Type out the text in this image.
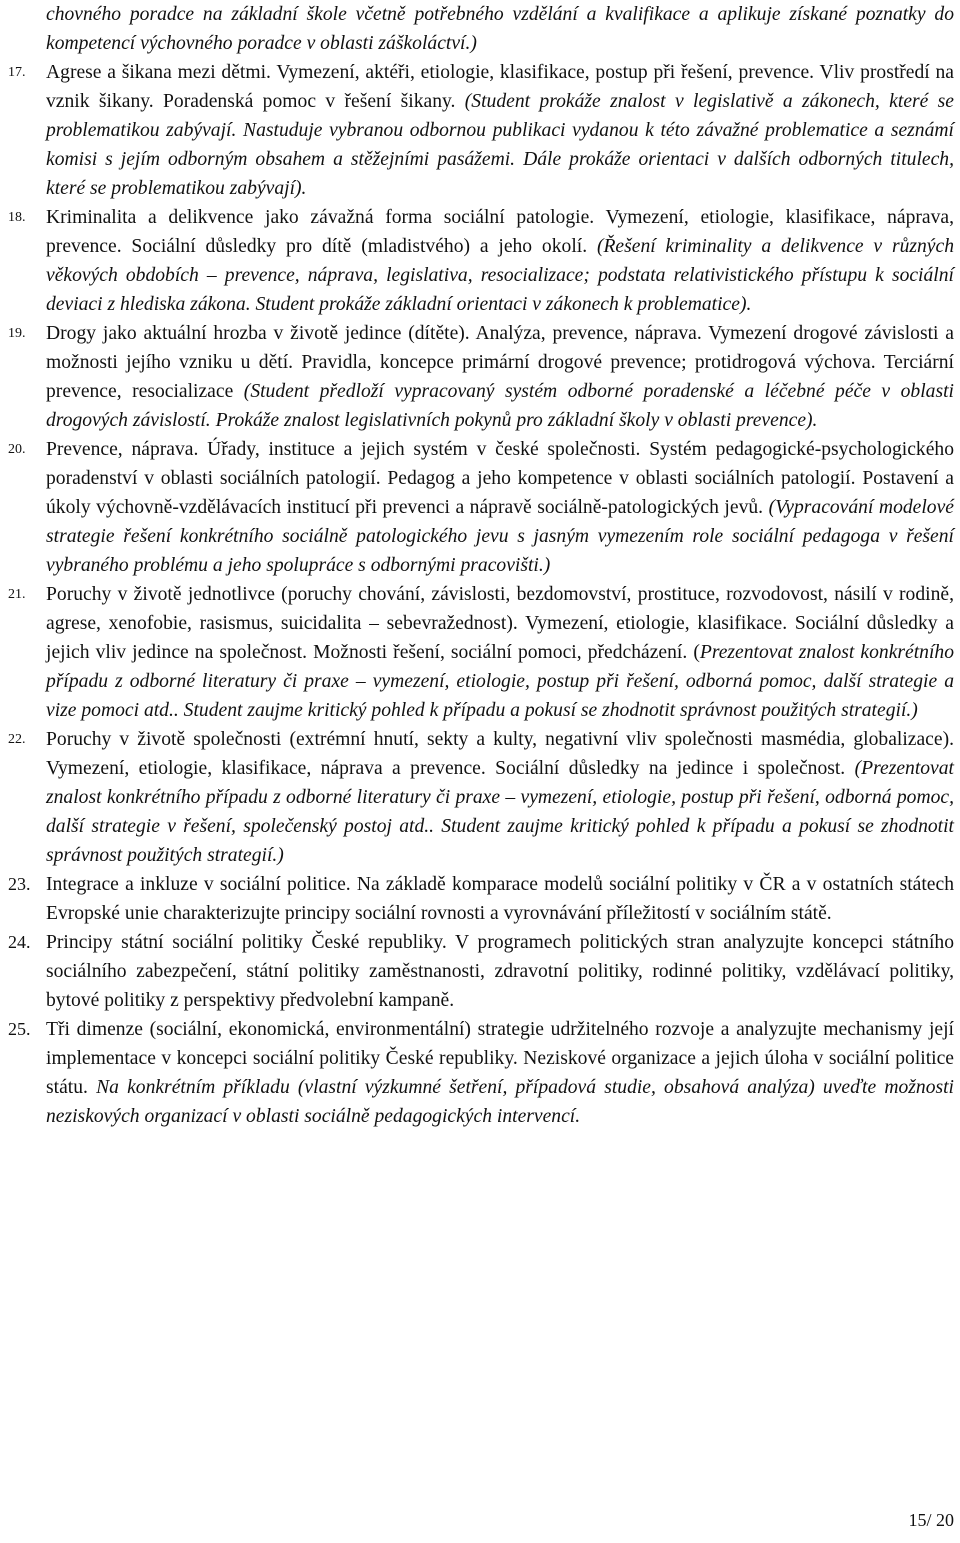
chovného poradce na základní škole včetně potřebného vzdělání a kvalifikace a aplikuje získané poznatky do kompetencí výchovného poradce v oblasti záškoláctví.)
17.	Agrese a šikana mezi dětmi. Vymezení, aktéři, etiologie, klasifikace, postup při řešení, prevence. Vliv prostředí na vznik šikany. Poradenská pomoc v řešení šikany. (Student prokáže znalost v legislativě a zákonech, které se problematikou zabývají. Nastuduje vybranou odbornou publikaci vydanou k této závažné problematice a seznámí komisi s jejím odborným obsahem a stěžejními pasážemi. Dále prokáže orientaci v dalších odborných titulech, které se problematikou zabývají).
18.	Kriminalita a delikvence jako závažná forma sociální patologie. Vymezení, etiologie, klasifikace, náprava, prevence. Sociální důsledky pro dítě (mladistvého) a jeho okolí. (Řešení kriminality a delikvence v různých věkových obdobích – prevence, náprava, legislativa, resocializace; podstata relativistického přístupu k sociální deviaci z hlediska zákona. Student prokáže základní orientaci v zákonech k problematice).
19.	Drogy jako aktuální hrozba v životě jedince (dítěte). Analýza, prevence, náprava. Vymezení drogové závislosti a možnosti jejího vzniku u dětí. Pravidla, koncepce primární drogové prevence; protidrogová výchova. Terciární prevence, resocializace (Student předloží vypracovaný systém odborné poradenské a léčebné péče v oblasti drogových závislostí. Prokáže znalost legislativních pokynů pro základní školy v oblasti prevence).
20.	Prevence, náprava. Úřady, instituce a jejich systém v české společnosti. Systém pedagogické-psychologického poradenství v oblasti sociálních patologií. Pedagog a jeho kompetence v oblasti sociálních patologií. Postavení a úkoly výchovně-vzdělávacích institucí při prevenci a nápravě sociálně-patologických jevů. (Vypracování modelové strategie řešení konkrétního sociálně patologického jevu s jasným vymezením role sociální pedagoga v řešení vybraného problému a jeho spolupráce s odbornými pracovišti.)
21.	Poruchy v životě jednotlivce (poruchy chování, závislosti, bezdomovství, prostituce, rozvodovost, násilí v rodině, agrese, xenofobie, rasismus, suicidalita – sebevražednost). Vymezení, etiologie, klasifikace. Sociální důsledky a jejich vliv jedince na společnost. Možnosti řešení, sociální pomoci, předcházení. (Prezentovat znalost konkrétního případu z odborné literatury či praxe – vymezení, etiologie, postup při řešení, odborná pomoc, další strategie a vize pomoci atd.. Student zaujme kritický pohled k případu a pokusí se zhodnotit správnost použitých strategií.)
22.	Poruchy v životě společnosti (extrémní hnutí, sekty a kulty, negativní vliv společnosti masmédia, globalizace). Vymezení, etiologie, klasifikace, náprava a prevence. Sociální důsledky na jedince i společnost. (Prezentovat znalost konkrétního případu z odborné literatury či praxe – vymezení, etiologie, postup při řešení, odborná pomoc, další strategie v řešení, společenský postoj atd.. Student zaujme kritický pohled k případu a pokusí se zhodnotit správnost použitých strategií.)
23. Integrace a inkluze v sociální politice. Na základě komparace modelů sociální politiky v ČR a v ostatních státech Evropské unie charakterizujte principy sociální rovnosti a vyrovnávání příležitostí v sociálním státě.
24. Principy státní sociální politiky České republiky. V programech politických stran analyzujte koncepci státního sociálního zabezpečení, státní politiky zaměstnanosti, zdravotní politiky, rodinné politiky, vzdělávací politiky, bytové politiky z perspektivy předvolební kampaně.
25. Tři dimenze (sociální, ekonomická, environmentální) strategie udržitelného rozvoje a analyzujte mechanismy její implementace v koncepci sociální politiky České republiky. Neziskové organizace a jejich úloha v sociální politice státu. Na konkrétním příkladu (vlastní výzkumné šetření, případová studie, obsahová analýza) uveďte možnosti neziskových organizací v oblasti sociálně pedagogických intervencí.
15/ 20
